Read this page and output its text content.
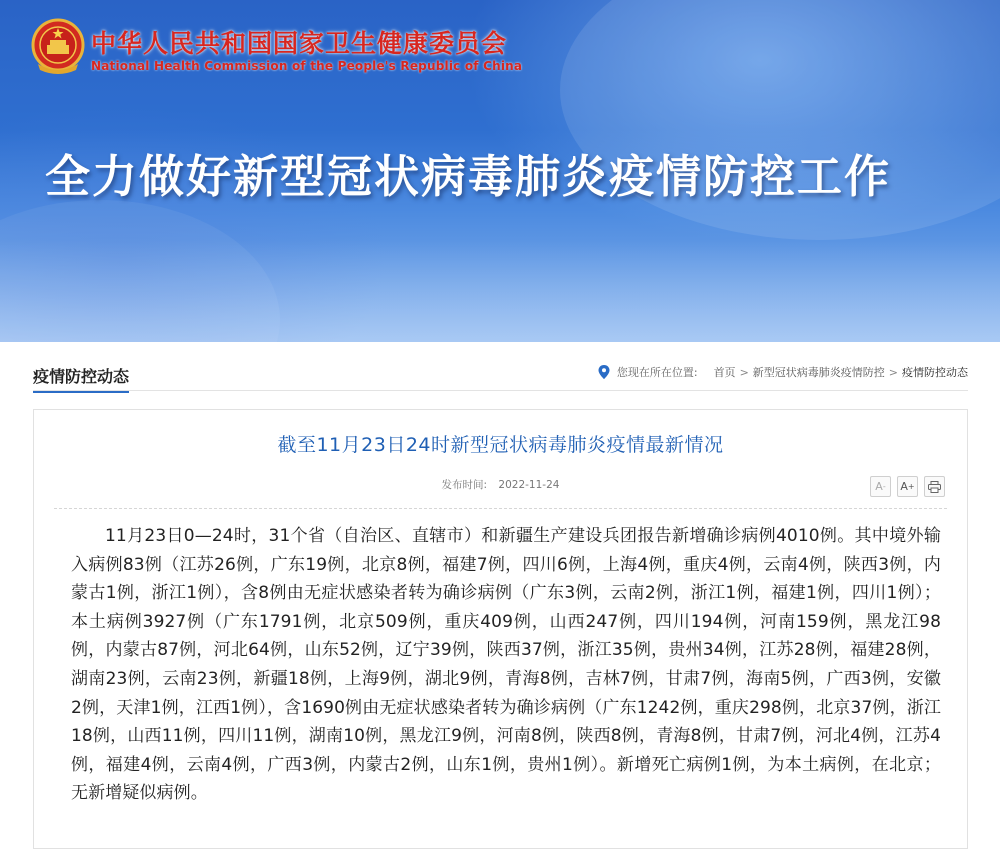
中华人民共和国国家卫生健康委员会
National Health Commission of the People's Republic of China
全力做好新型冠状病毒肺炎疫情防控工作
疫情防控动态	您现在所在位置: 首页 > 新型冠状病毒肺炎疫情防控 > 疫情防控动态
截至11月23日24时新型冠状病毒肺炎疫情最新情况
发布时间: 2022-11-24	A - A +
11月23日0—24时，31个省（自治区、直辖市）和新疆生产建设兵团报告新增确诊病例4010例。其中境外输入病例83例（江苏26例，广东19例，北京8例，福建7例，四川6例，上海4例，重庆4例，云南4例，陕西3例，内蒙古1例，浙江1例），含8例由无症状感染者转为确诊病例（广东3例，云南2例，浙江1例，福建1例，四川1例）；本土病例3927例（广东1791例，北京509例，重庆409例，山西247例，四川194例，河南159例，黑龙江98例，内蒙古87例，河北64例，山东52例，辽宁39例，陕西37例，浙江35例，贵州34例，江苏28例，福建28例，湖南23例，云南23例，新疆18例，上海9例，湖北9例，青海8例，吉林7例，甘肃7例，海南5例，广西3例，安徽2例，天津1例，江西1例），含1690例由无症状感染者转为确诊病例（广东1242例，重庆298例，北京37例，浙江18例，山西11例，四川11例，湖南10例，黑龙江9例，河南8例，陕西8例，青海8例，甘肃7例，河北4例，江苏4例，福建4例，云南4例，广西3例，内蒙古2例，山东1例，贵州1例）。新增死亡病例1例，为本土病例，在北京；无新增疑似病例。
